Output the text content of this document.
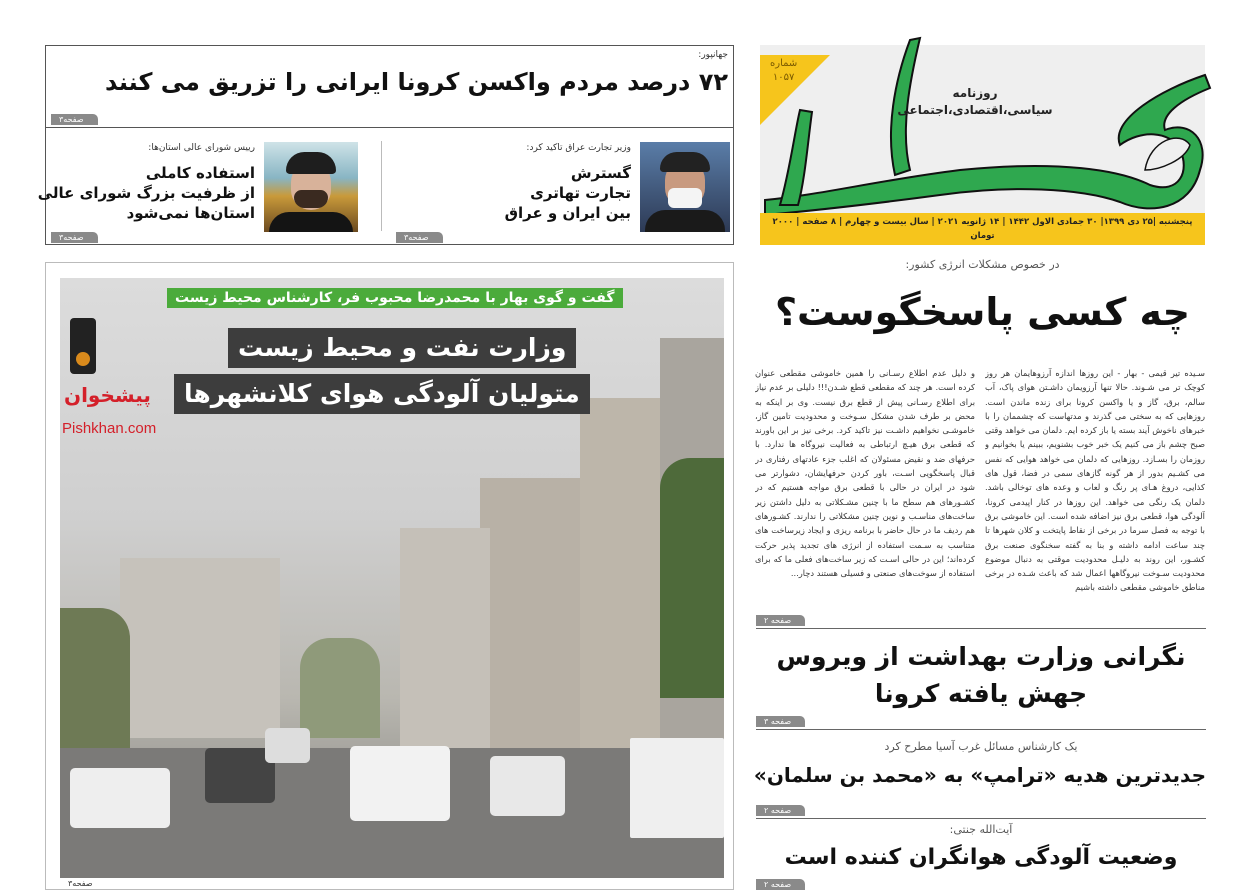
شماره
۱۰۵۷
روزنامه
سیاسی،اقتصادی،اجتماعی
پنجشنبه |۲۵ دی ۱۳۹۹| ۳۰ جمادی الاول ۱۴۴۲ | ۱۴ ژانویه ۲۰۲۱ | سال بیست و چهارم | ۸ صفحه | ۲۰۰۰ تومان
جهانپور:
۷۲ درصد مردم واکسن کرونا ایرانی را تزریق می کنند
صفحه۳
وزیر تجارت عراق تاکید کرد:
گسترش
تجارت تهاتری
بین ایران و عراق
صفحه۳
رییس شورای عالی استان‌ها:
استفاده کاملی
از ظرفیت بزرگ شورای عالی
استان‌ها نمی‌شود
صفحه۳
گفت و گوی بهار با محمدرضا محبوب فر، کارشناس محیط زیست
وزارت نفت و محیط زیست
متولیان آلودگی هوای کلانشهرها
پیشخوان
Pishkhan.com
صفحه۳
در خصوص مشکلات انرژی کشور:
چه کسی پاسخگوست؟
سـیده تیر قیمی - بهار - این روزها اندازه آرزوهایمان هر روز کوچک تر می شـوند. حالا تنها آرزویمان داشـتن هوای پاک، آب سالم، برق، گاز و یا واکسن کرونا برای زنده ماندن است. روزهایی که به سختی می گذرند و مدتهاست که چشممان را با خبرهای ناخوش آیند بسته یا باز کرده ایم. دلمان می خواهد وقتی صبح چشم باز می کنیم یک خبر خوب بشنویم، ببینم یا بخوانیم و روزمان را بسـازد. روزهایی که دلمان می خواهد هوایی که نفس می کشـیم بدور از هر گونه گازهای سمی در فضا، قول های کذایی، دروغ هـای پر رنگ و لعاب و وعده های توخالی باشد. دلمان یک رنگی می خواهد. این روزها در کنار اپیدمی کرونا، آلودگی هوا، قطعی برق نیز اضافه شده است. این خاموشی برق با توجه به فصل سرما در برخی از نقاط پایتخت و کلان شهرها تا چند ساعت ادامه داشته و بنا به گفته سخنگوی صنعت برق کشـور، این روند به دلیـل محدودیت موقتی به دنبال موضوع محدودیت سـوخت نیروگاهها اعمال شد که باعث شـده در برخی مناطق خاموشی مقطعی داشته باشیم
و دلیل عدم اطلاع رسـانی را همین خاموشی مقطعی عنوان کرده است. هر چند که مقطعی قطع شـدن!!! دلیلی بر عدم نیاز برای اطلاع رسـانی پیش از قطع برق نیست. وی بر اینکه به محض بر طرف شدن مشکل سـوخت و محدودیت تامین گاز، خاموشـی نخواهیم داشـت نیز تاکید کرد. برخی نیز بر این باورند که قطعی برق هیـچ ارتباطی به فعالیت نیروگاه ها ندارد. با حرفهای ضد و نقیض مسئولان که اغلب جزء عادتهای رفتاری در قبال پاسخگویی اسـت، باور کردن حرفهایشان، دشوارتر می شود در ایران در حالی با قطعی برق مواجه هستیم که در کشـورهای هم سطح ما با چنین مشـکلاتی به دلیل داشتن زیر ساخت‌های مناسـب و نوین چنین مشکلاتی را ندارند. کشـورهای هم ردیف ما در حال حاضر با برنامه ریزی و ایجاد زیرساخت های متناسب به سـمت استفاده از انرژی های تجدید پذیر حرکت کرده‌اند؛ این در حالی اسـت که زیر ساخت‌های فعلی ما که برای استفاده از سوخت‌های صنعتی و فسیلی هستند دچار...
صفحه ۲
نگرانی وزارت بهداشت از ویروس
جهش یافته کرونا
صفحه ۳
یک کارشناس مسائل غرب آسیا مطرح کرد
جدیدترین هدیه «ترامپ» به «محمد بن سلمان»
صفحه ۲
آیت‌الله جنتی:
وضعیت آلودگی هوانگران کننده است
صفحه ۲
